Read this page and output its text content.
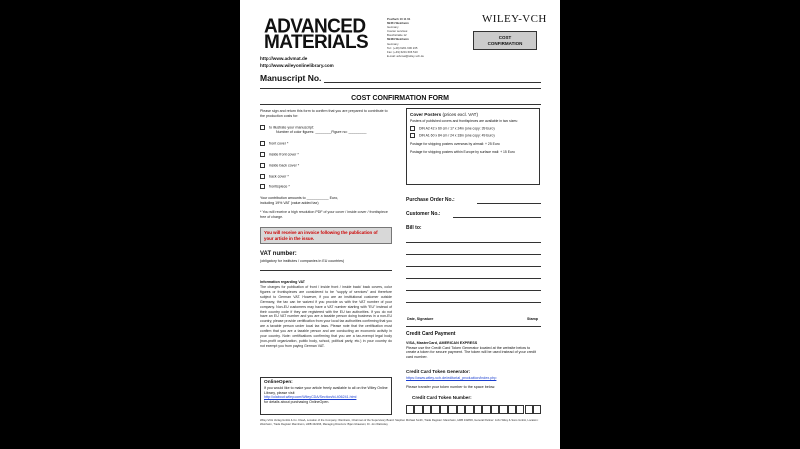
ADVANCED
MATERIALS
http://www.advmat.de
http://www.wileyonlinelibrary.com
Postfach 10 11 61
69451 Weinheim
Germany
Courier services:
Boschstraße 12
69469 Weinheim
Germany
Tel.: (+49) 6201 606 235
Fax: (+49) 6201 606 510
E-mail: advmat@wiley-vch.de
WILEY-VCH
COST
CONFIRMATION
Manuscript No.
COST CONFIRMATION FORM
Please sign and return this form to confirm that you are prepared to contribute to the production costs for:
to illustrate your manuscript:
Number of color figures: ________Figure no: _________
front cover *
inside front cover *
inside back cover *
back cover *
frontispiece *
Your contribution amounts to ___________ Euro,
including 19% VAT (value added tax)
* You will receive a high resolution PDF of your cover / inside cover / frontispiece free of charge.
You will receive an invoice following the publication of your article in the issue.
VAT number:
(obligatory for institutes / companies in EU countries)
Information regarding VAT
The charges for publication of front / inside front / inside back/ back covers, color figures or frontispieces are considered to be "supply of services" and therefore subject to German VAT. However, if you are an institutional customer outside Germany, the tax can be waived if you provide us with the VAT number of your company. Non-EU customers may have a VAT number starting with "EU" instead of their country code if they are registered with the EU tax authorities. If you do not have an EU VAT number and you are a taxable person doing business in a non-EU country, please provide certification from your local tax authorities confirming that you are a taxable person under local tax laws. Please note that the certification must confirm that you are a taxable person and are conducting an economic activity in your country. Note: certifications confirming that you are a tax-exempt legal body (non-profit organization, public body, school, political party, etc.) in your country do not exempt you from paying German VAT.
OnlineOpen:
If you would like to make your article freely available to all on the Wiley Online Library, please visit
http://olabout.wiley.com/WileyCDA/Section/id-406241.html
for details about purchasing OnlineOpen.
Wiley-VCH Verlag GmbH & Co. KGaA, Location of the Company: Weinheim, Chairman of the Supervisory Board: Stephen Michael Smith, Trade Register: Mannheim, HRB 432833, General Partner: John Wiley & Sons GmbH, Location: Weinheim, Trade Register Mannheim, HRB 432296, Managing Directors: Bijan Ghawami, Dr. Jon Walmsley
Cover Posters (prices excl. VAT)
Posters of published covers and frontispieces are available in two sizes:
DIN A2 42 x 60 cm / 17 x 24in (one copy: 39 Euro)
DIN A1 60 x 84 cm / 24 x 33in (one copy: 49 Euro)
Postage for shipping posters overseas by airmail: + 25 Euro
Postage for shipping posters within Europe by surface mail: + 15 Euro
Purchase Order No.:
Customer No.:
Bill to:
Date, Signature	Stamp
Credit Card Payment
VISA, MasterCard, AMERICAN EXPRESS
Please use the Credit Card Token Generator located at the website below to create a token for secure payment. The token will be used instead of your credit card number.
Credit Card Token Generator:
https://www.wiley-vch.de/editorial_production/index.php
Please transfer your token number to the space below.
Credit Card Token Number:
